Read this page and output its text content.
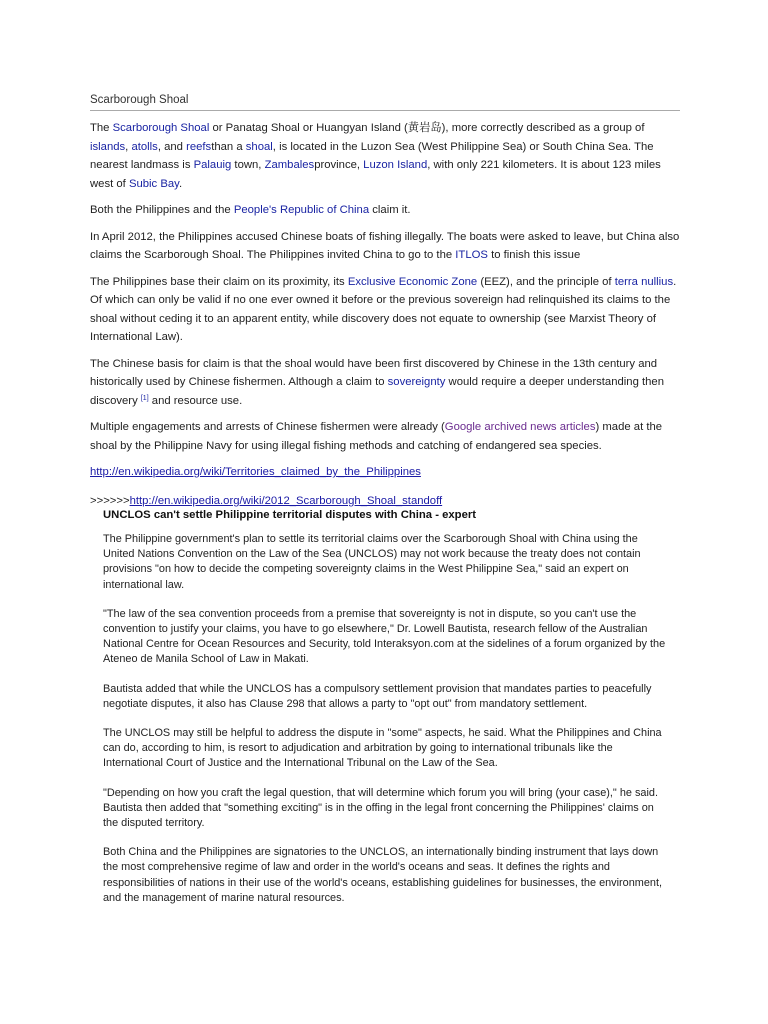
Scarborough Shoal

The Scarborough Shoal or Panatag Shoal or Huangyan Island (黄岩岛), more correctly described as a group of islands, atolls, and reefsthan a shoal, is located in the Luzon Sea (West Philippine Sea) or South China Sea. The nearest landmass is Palauig town, Zambalesprovince, Luzon Island, with only 221 kilometers. It is about 123 miles west of Subic Bay.

Both the Philippines and the People's Republic of China claim it.

In April 2012, the Philippines accused Chinese boats of fishing illegally. The boats were asked to leave, but China also claims the Scarborough Shoal. The Philippines invited China to go to the ITLOS to finish this issue

The Philippines base their claim on its proximity, its Exclusive Economic Zone (EEZ), and the principle of terra nullius. Of which can only be valid if no one ever owned it before or the previous sovereign had relinquished its claims to the shoal without ceding it to an apparent entity, while discovery does not equate to ownership (see Marxist Theory of International Law).

The Chinese basis for claim is that the shoal would have been first discovered by Chinese in the 13th century and historically used by Chinese fishermen. Although a claim to sovereignty would require a deeper understanding then discovery [1] and resource use.

Multiple engagements and arrests of Chinese fishermen were already (Google archived news articles) made at the shoal by the Philippine Navy for using illegal fishing methods and catching of endangered sea species.

http://en.wikipedia.org/wiki/Territories_claimed_by_the_Philippines

>>>>>>http://en.wikipedia.org/wiki/2012_Scarborough_Shoal_standoff

UNCLOS can't settle Philippine territorial disputes with China - expert

The Philippine government's plan to settle its territorial claims over the Scarborough Shoal with China using the United Nations Convention on the Law of the Sea (UNCLOS) may not work because the treaty does not contain provisions "on how to decide the competing sovereignty claims in the West Philippine Sea," said an expert on international law.

"The law of the sea convention proceeds from a premise that sovereignty is not in dispute, so you can't use the convention to justify your claims, you have to go elsewhere," Dr. Lowell Bautista, research fellow of the Australian National Centre for Ocean Resources and Security, told Interaksyon.com at the sidelines of a forum organized by the Ateneo de Manila School of Law in Makati.

Bautista added that while the UNCLOS has a compulsory settlement provision that mandates parties to peacefully negotiate disputes, it also has Clause 298 that allows a party to "opt out" from mandatory settlement.

The UNCLOS may still be helpful to address the dispute in "some" aspects, he said. What the Philippines and China can do, according to him, is resort to adjudication and arbitration by going to international tribunals like the International Court of Justice and the International Tribunal on the Law of the Sea.

"Depending on how you craft the legal question, that will determine which forum you will bring (your case)," he said. Bautista then added that "something exciting" is in the offing in the legal front concerning the Philippines' claims on the disputed territory.

Both China and the Philippines are signatories to the UNCLOS, an internationally binding instrument that lays down the most comprehensive regime of law and order in the world's oceans and seas. It defines the rights and responsibilities of nations in their use of the world's oceans, establishing guidelines for businesses, the environment, and the management of marine natural resources.
